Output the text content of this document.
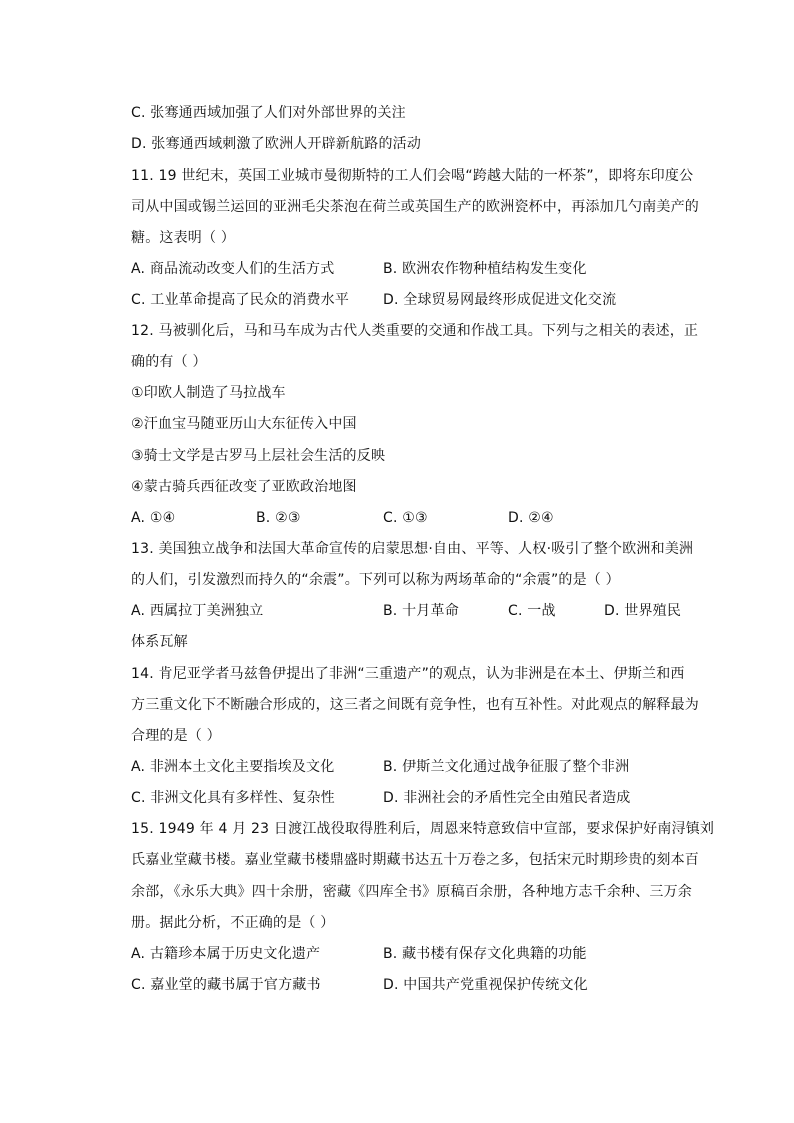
C. 张骞通西域加强了人们对外部世界的关注
D. 张骞通西域刺激了欧洲人开辟新航路的活动
11. 19 世纪末，英国工业城市曼彻斯特的工人们会喝“跨越大陆的一杯茶”，即将东印度公
司从中国或锡兰运回的亚洲毛尖茶泡在荷兰或英国生产的欧洲瓷杯中，再添加几勺南美产的
糖。这表明（ ）
A. 商品流动改变人们的生活方式	B. 欧洲农作物种植结构发生变化
C. 工业革命提高了民众的消费水平 D. 全球贸易网最终形成促进文化交流
12. 马被驯化后，马和马车成为古代人类重要的交通和作战工具。下列与之相关的表述，正
确的有（ ）
①印欧人制造了马拉战车
②汗血宝马随亚历山大东征传入中国
③骑士文学是古罗马上层社会生活的反映
④蒙古骑兵西征改变了亚欧政治地图
A. ①④	B. ②③	C. ①③	D. ②④
13. 美国独立战争和法国大革命宣传的启蒙思想·自由、平等、人权·吸引了整个欧洲和美洲
的人们，引发激烈而持久的“余震”。下列可以称为两场革命的“余震”的是（ ）
A. 西属拉丁美洲独立	B. 十月革命	C. 一战	D. 世界殖民
体系瓦解
14. 肯尼亚学者马兹鲁伊提出了非洲“三重遗产”的观点，认为非洲是在本土、伊斯兰和西
方三重文化下不断融合形成的，这三者之间既有竞争性，也有互补性。对此观点的解释最为
合理的是（ ）
A. 非洲本土文化主要指埃及文化	B. 伊斯兰文化通过战争征服了整个非洲
C. 非洲文化具有多样性、复杂性	D. 非洲社会的矛盾性完全由殖民者造成
15. 1949 年 4 月 23 日渡江战役取得胜利后，周恩来特意致信中宣部，要求保护好南浔镇刘
氏嘉业堂藏书楼。嘉业堂藏书楼鼎盛时期藏书达五十万卷之多，包括宋元时期珍贵的刻本百
余部，《永乐大典》四十余册，密藏《四库全书》原稿百余册，各种地方志千余种、三万余
册。据此分析，不正确的是（ ）
A. 古籍珍本属于历史文化遗产	B. 藏书楼有保存文化典籍的功能
C. 嘉业堂的藏书属于官方藏书	D. 中国共产党重视保护传统文化
